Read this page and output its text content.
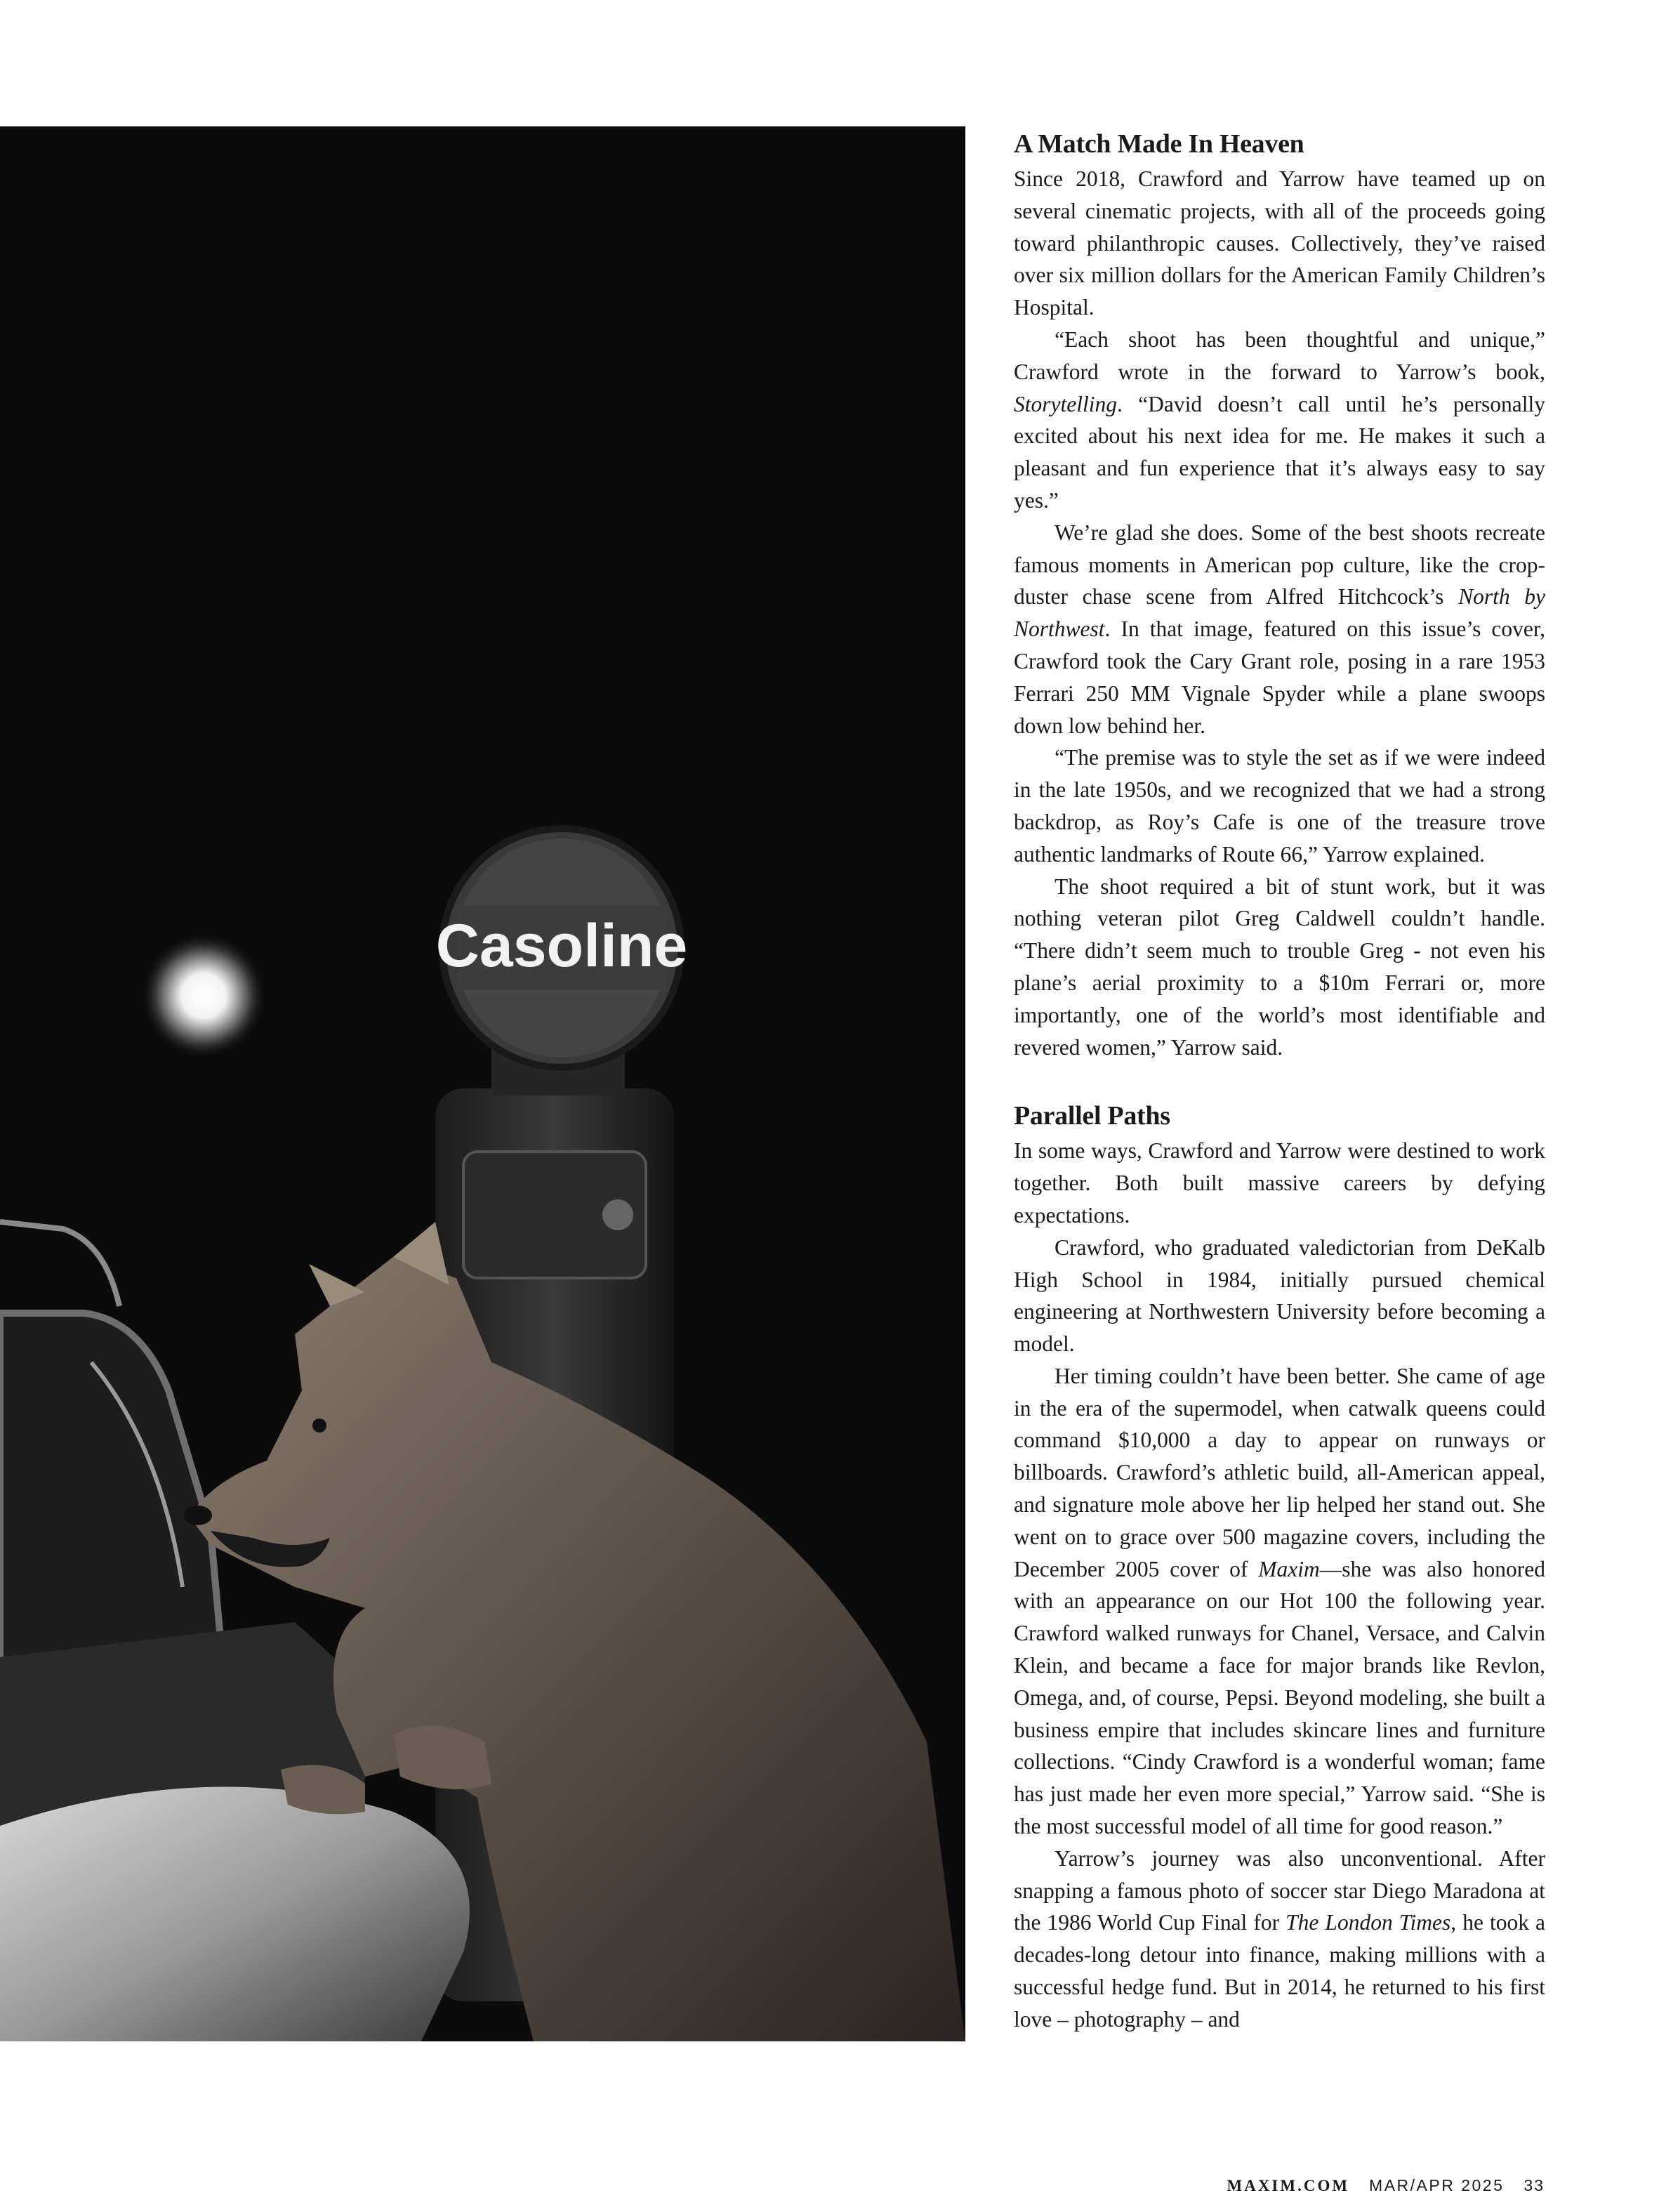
Casoline
A Match Made In Heaven

Since 2018, Crawford and Yarrow have teamed up on several cinematic projects, with all of the proceeds going toward philanthropic causes. Collectively, they’ve raised over six million dollars for the American Family Children’s Hospital.

“Each shoot has been thoughtful and unique,” Crawford wrote in the forward to Yarrow’s book, Storytelling. “David doesn’t call until he’s personally excited about his next idea for me. He makes it such a pleasant and fun experience that it’s always easy to say yes.”

We’re glad she does. Some of the best shoots recreate famous moments in American pop culture, like the crop-duster chase scene from Alfred Hitchcock’s North by Northwest. In that image, featured on this issue’s cover, Crawford took the Cary Grant role, posing in a rare 1953 Ferrari 250 MM Vignale Spyder while a plane swoops down low behind her.

“The premise was to style the set as if we were indeed in the late 1950s, and we recognized that we had a strong backdrop, as Roy’s Cafe is one of the treasure trove authentic landmarks of Route 66,” Yarrow explained.

The shoot required a bit of stunt work, but it was nothing veteran pilot Greg Caldwell couldn’t handle. “There didn’t seem much to trouble Greg - not even his plane’s aerial proximity to a $10m Ferrari or, more importantly, one of the world’s most identifiable and revered women,” Yarrow said.

Parallel Paths

In some ways, Crawford and Yarrow were destined to work together. Both built massive careers by defying expectations.

Crawford, who graduated valedictorian from DeKalb High School in 1984, initially pursued chemical engineering at Northwestern University before becoming a model.

Her timing couldn’t have been better. She came of age in the era of the supermodel, when catwalk queens could command $10,000 a day to appear on runways or billboards. Crawford’s athletic build, all-American appeal, and signature mole above her lip helped her stand out. She went on to grace over 500 magazine covers, including the December 2005 cover of Maxim—she was also honored with an appearance on our Hot 100 the following year. Crawford walked runways for Chanel, Versace, and Calvin Klein, and became a face for major brands like Revlon, Omega, and, of course, Pepsi. Beyond modeling, she built a business empire that includes skincare lines and furniture collections. “Cindy Crawford is a wonderful woman; fame has just made her even more special,” Yarrow said. “She is the most successful model of all time for good reason.”

Yarrow’s journey was also unconventional. After snapping a famous photo of soccer star Diego Maradona at the 1986 World Cup Final for The London Times, he took a decades-long detour into finance, making millions with a successful hedge fund. But in 2014, he returned to his first love – photography – and

MAXIM.COM MAR/APR 2025 33
